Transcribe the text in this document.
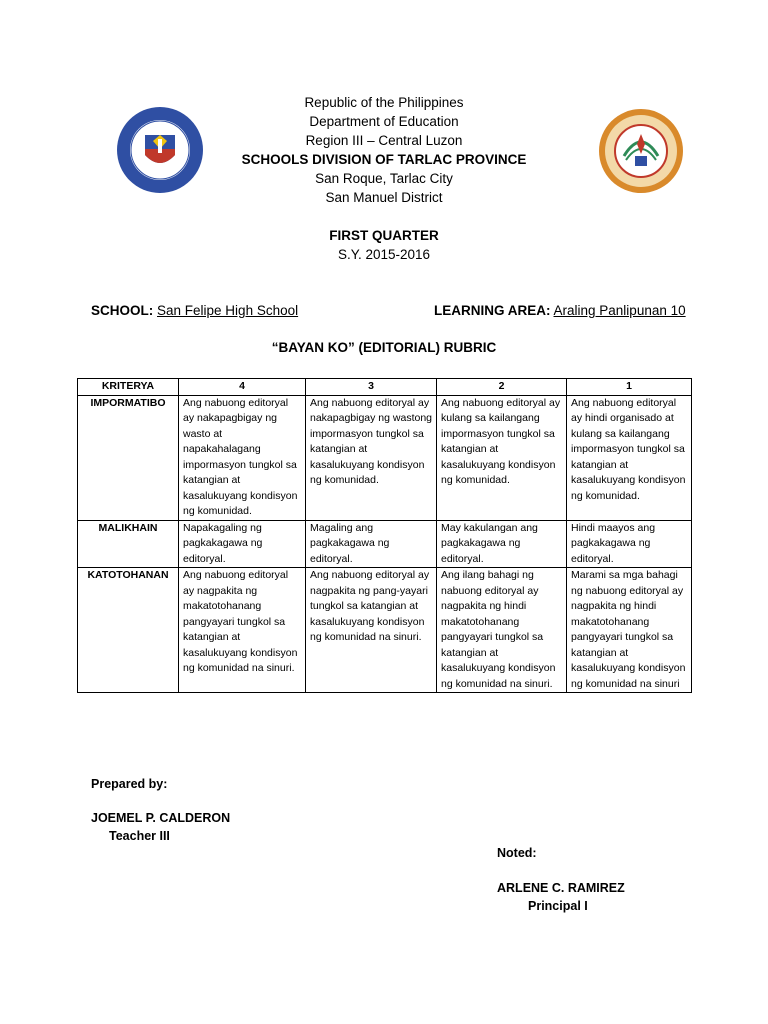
Republic of the Philippines
Department of Education
Region III – Central Luzon
SCHOOLS DIVISION OF TARLAC PROVINCE
San Roque, Tarlac City
San Manuel District
FIRST QUARTER
S.Y. 2015-2016
SCHOOL: San Felipe High School	LEARNING AREA: Araling Panlipunan 10
“BAYAN KO” (EDITORIAL) RUBRIC
KRITERYA	4	3	2	1
IMPORMATIBO	Ang nabuong editoryal ay nakapagbigay ng wasto at napakahalagang impormasyon tungkol sa katangian at kasalukuyang kondisyon ng komunidad.	Ang nabuong editoryal ay nakapagbigay ng wastong impormasyon tungkol sa katangian at kasalukuyang kondisyon ng komunidad.	Ang nabuong editoryal ay kulang sa kailangang impormasyon tungkol sa katangian at kasalukuyang kondisyon ng komunidad.	Ang nabuong editoryal ay hindi organisado at kulang sa kailangang impormasyon tungkol sa katangian at kasalukuyang kondisyon ng komunidad.
MALIKHAIN	Napakagaling ng pagkakagawa ng editoryal.	Magaling ang pagkakagawa ng editoryal.	May kakulangan ang pagkakagawa ng editoryal.	Hindi maayos ang pagkakagawa ng editoryal.
KATOTOHANAN	Ang nabuong editoryal ay nagpakita ng makatotohanang pangyayari tungkol sa katangian at kasalukuyang kondisyon ng komunidad na sinuri.	Ang nabuong editoryal ay nagpakita ng pang-yayari tungkol sa katangian at kasalukuyang kondisyon ng komunidad na sinuri.	Ang ilang bahagi ng nabuong editoryal ay nagpakita ng hindi makatotohanang pangyayari tungkol sa katangian at kasalukuyang kondisyon ng komunidad na sinuri.	Marami sa mga bahagi ng nabuong editoryal ay nagpakita ng hindi makatotohanang pangyayari tungkol sa katangian at kasalukuyang kondisyon ng komunidad na sinuri
Prepared by:
JOEMEL P. CALDERON
Teacher III
Noted:
ARLENE C. RAMIREZ
Principal I
